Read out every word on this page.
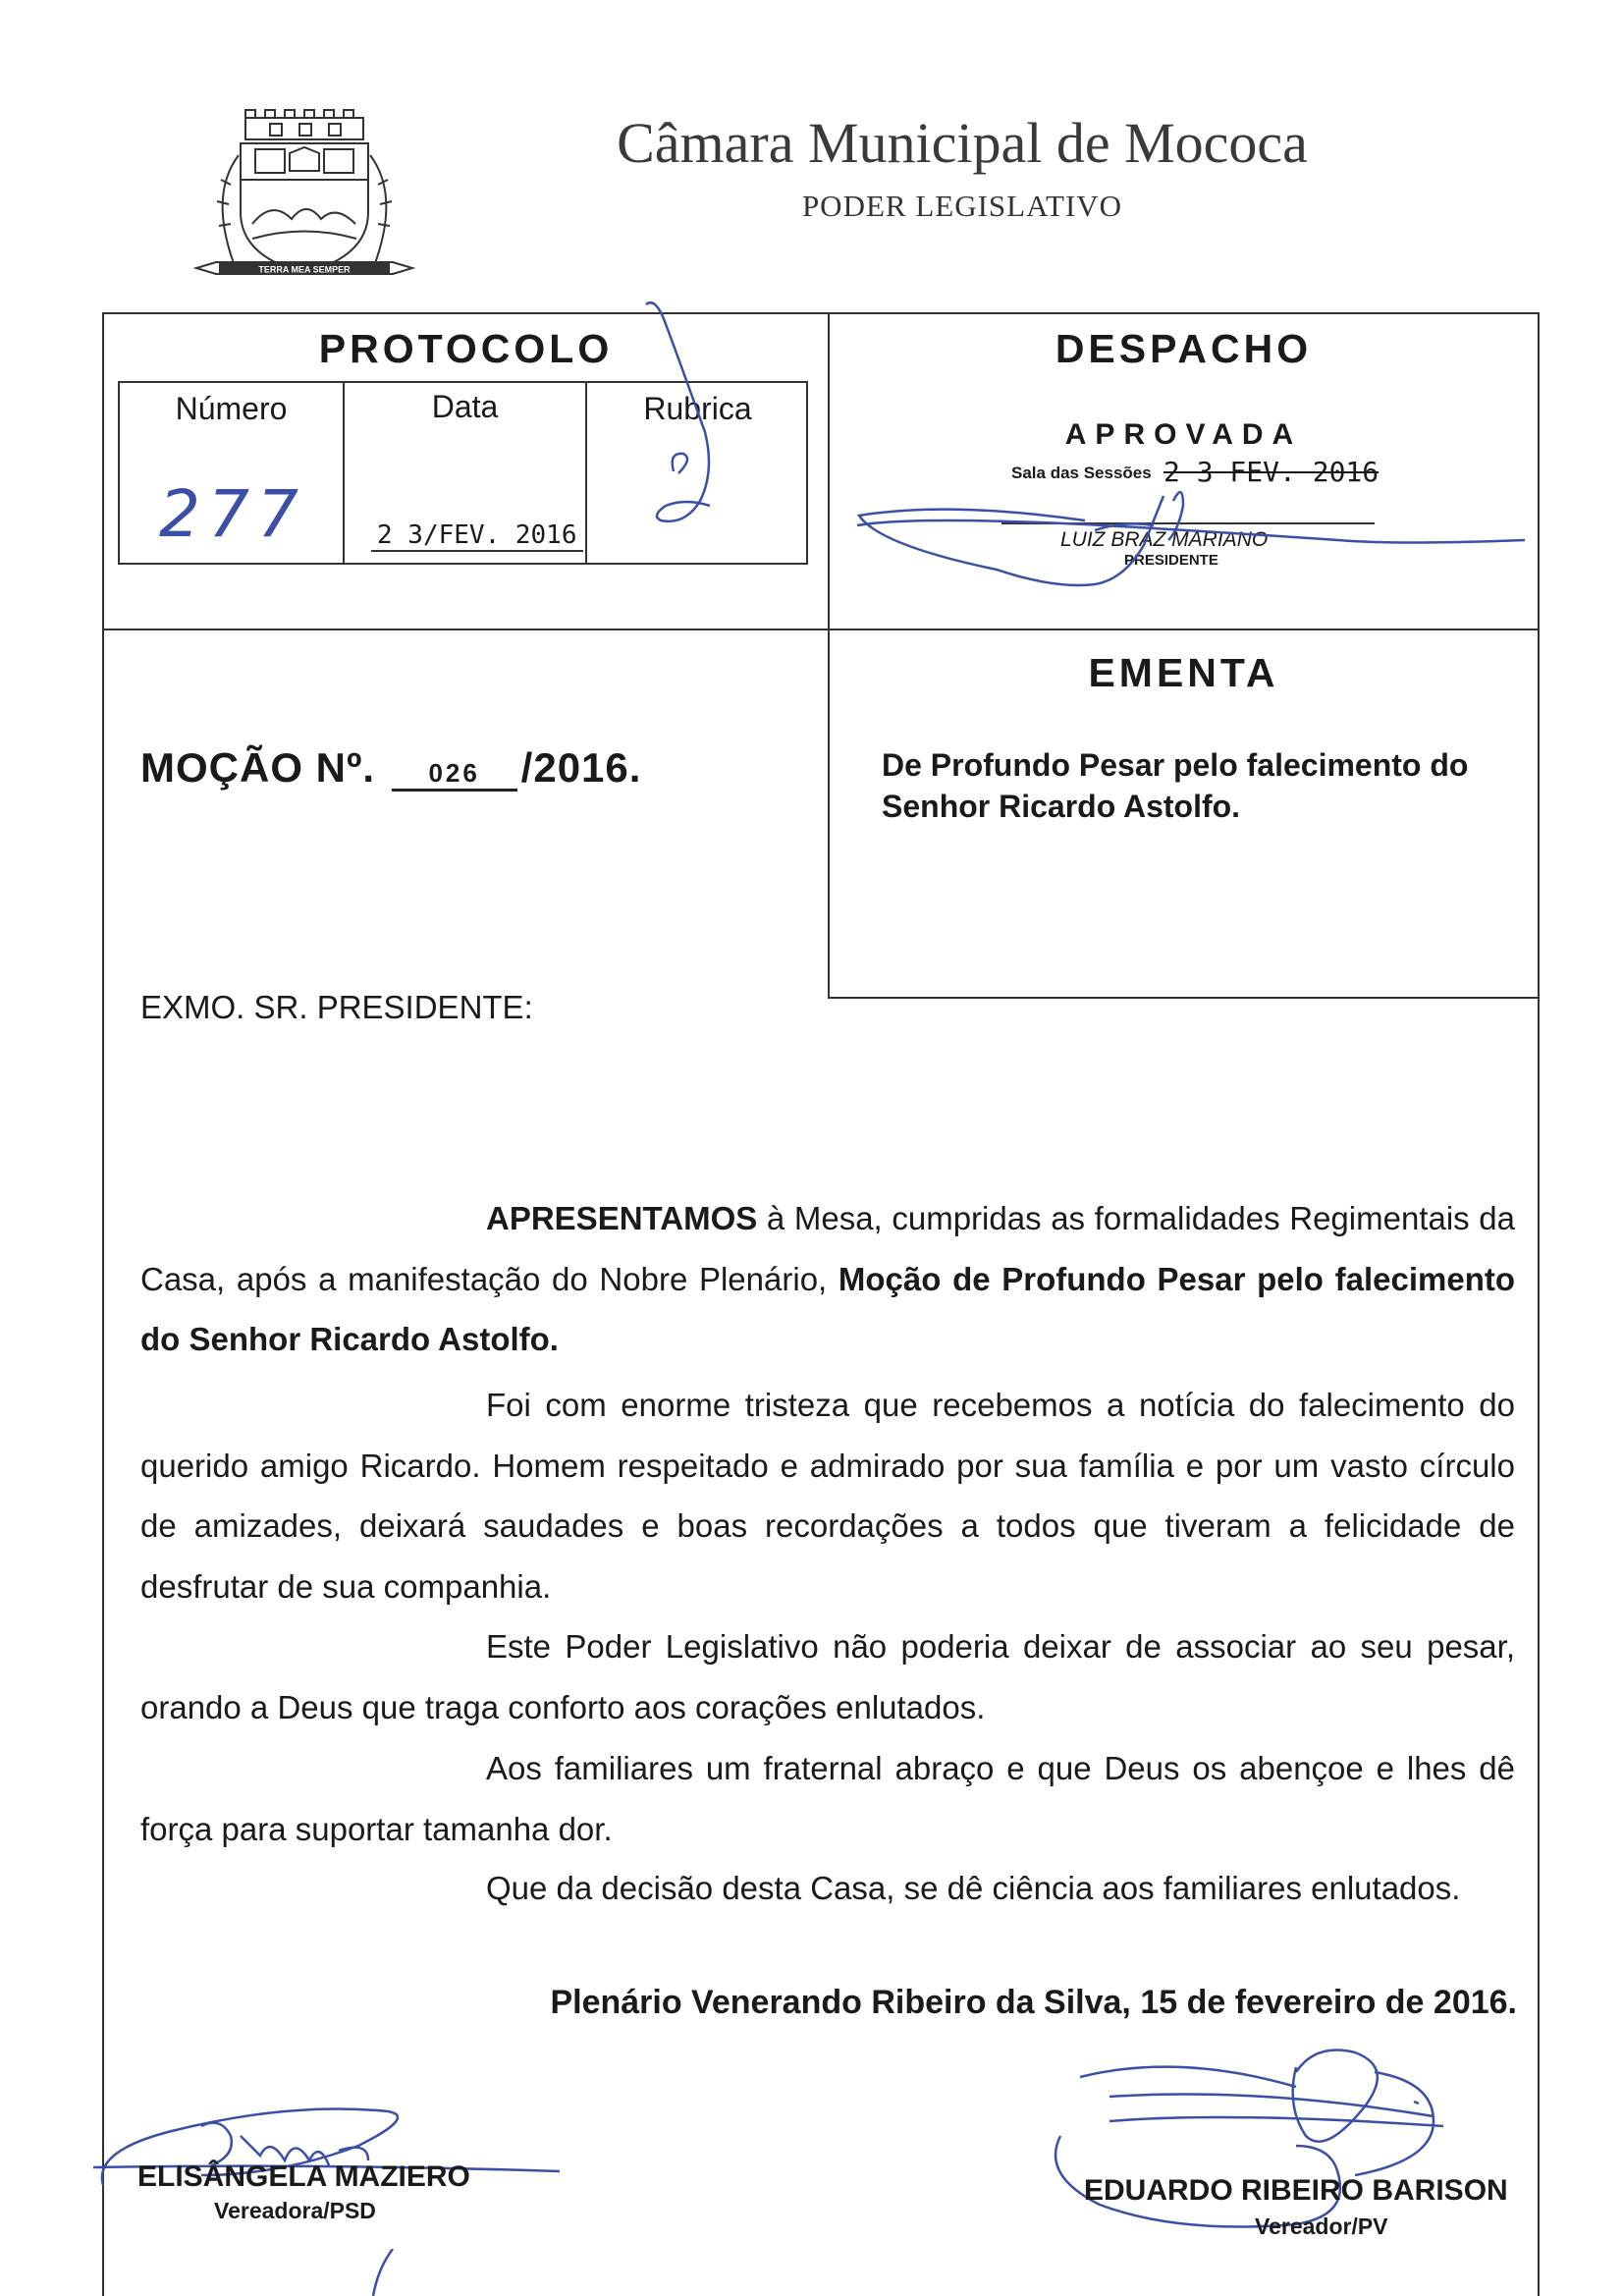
TERRA MEA SEMPER
Câmara Municipal de Mococa
PODER LEGISLATIVO
PROTOCOLO
Número	Data	Rubrica
277	2 3/FEV. 2016
DESPACHO
APROVADA
Sala das Sessões 2 3 FEV. 2016
LUIZ BRAZ MARIANO
PRESIDENTE
EMENTA
De Profundo Pesar pelo falecimento do Senhor Ricardo Astolfo.
MOÇÃO Nº. 026 /2016.
EXMO. SR. PRESIDENTE:
APRESENTAMOS à Mesa, cumpridas as formalidades Regimentais da Casa, após a manifestação do Nobre Plenário, Moção de Profundo Pesar pelo falecimento do Senhor Ricardo Astolfo.
Foi com enorme tristeza que recebemos a notícia do falecimento do querido amigo Ricardo. Homem respeitado e admirado por sua família e por um vasto círculo de amizades, deixará saudades e boas recordações a todos que tiveram a felicidade de desfrutar de sua companhia.
Este Poder Legislativo não poderia deixar de associar ao seu pesar, orando a Deus que traga conforto aos corações enlutados.
Aos familiares um fraternal abraço e que Deus os abençoe e lhes dê força para suportar tamanha dor.
Que da decisão desta Casa, se dê ciência aos familiares enlutados.
Plenário Venerando Ribeiro da Silva, 15 de fevereiro de 2016.
ELISÂNGELA MAZIERO
Vereadora/PSD
EDUARDO RIBEIRO BARISON
Vereador/PV
